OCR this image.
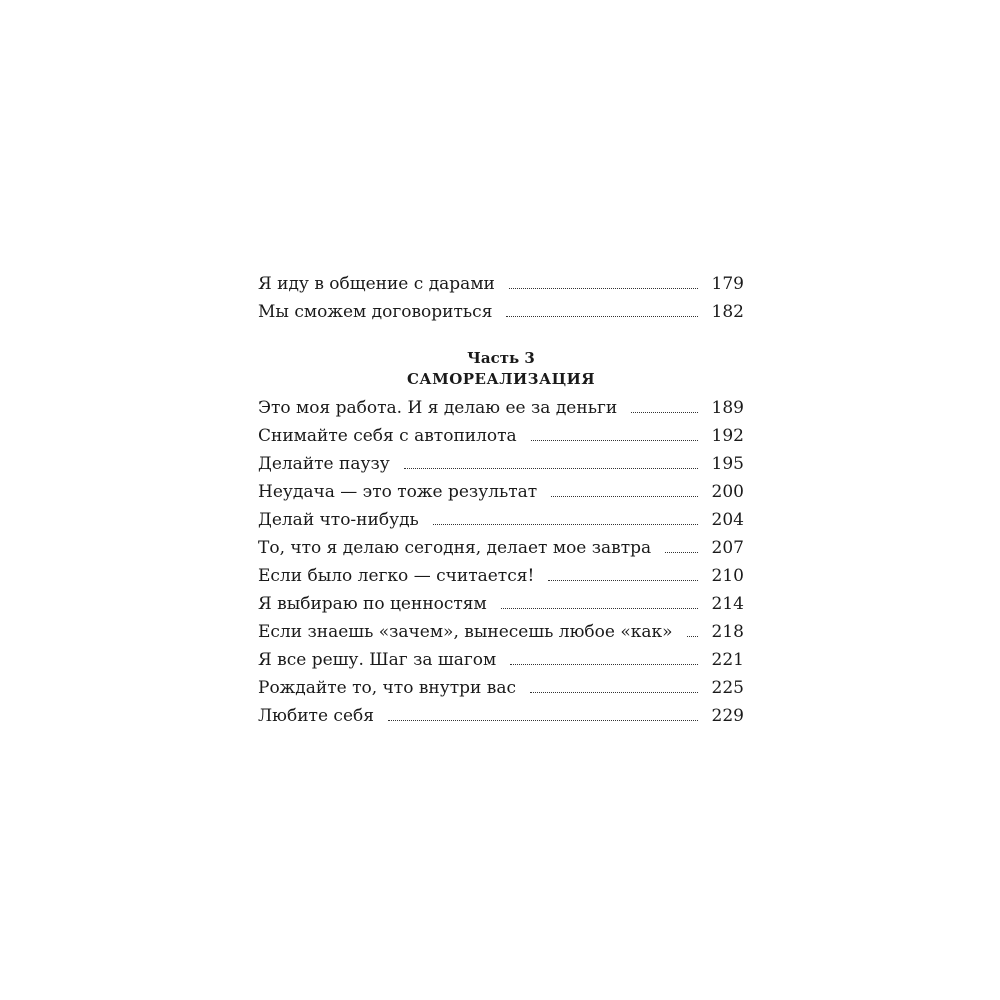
Я иду в общение с дарами	179
Мы сможем договориться	182
Часть 3
САМОРЕАЛИЗАЦИЯ
Это моя работа. И я делаю ее за деньги	189
Снимайте себя с автопилота	192
Делайте паузу	195
Неудача — это тоже результат	200
Делай что-нибудь	204
То, что я делаю сегодня, делает мое завтра	207
Если было легко — считается!	210
Я выбираю по ценностям	214
Если знаешь «зачем», вынесешь любое «как»	218
Я все решу. Шаг за шагом	221
Рождайте то, что внутри вас	225
Любите себя	229
